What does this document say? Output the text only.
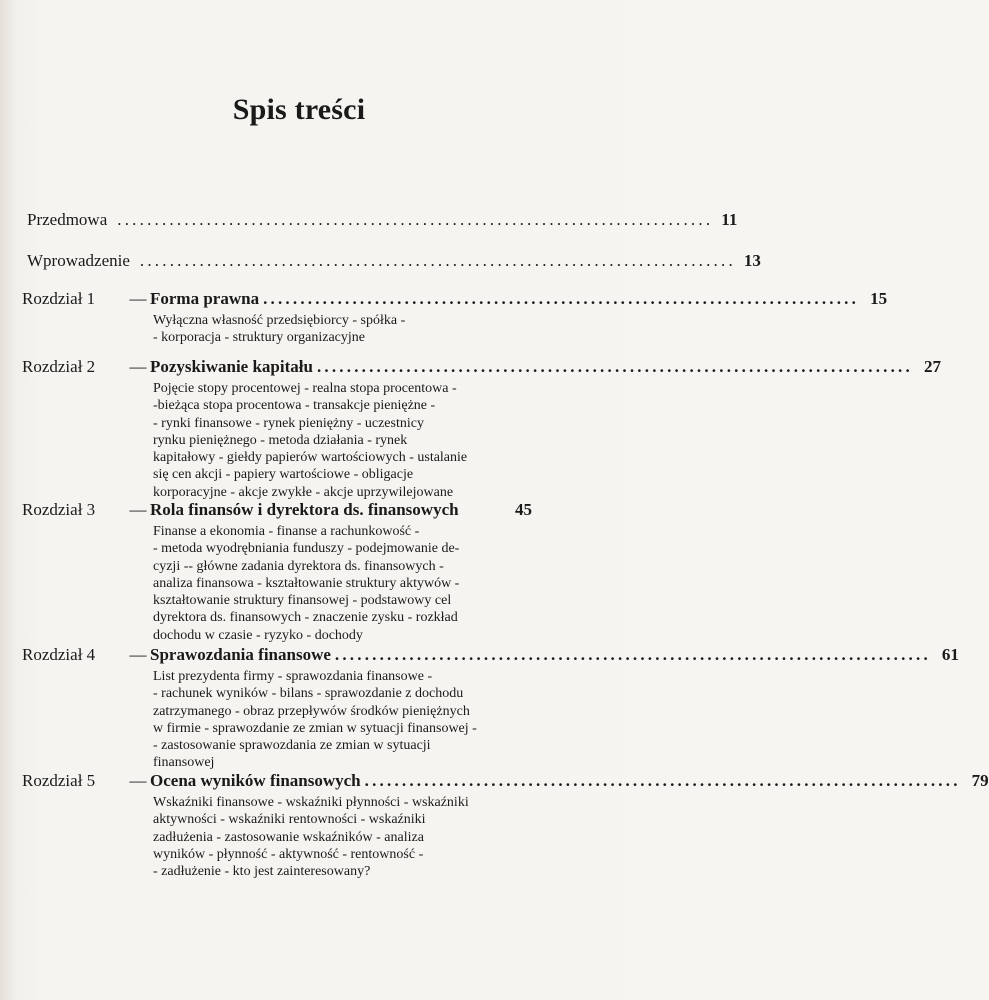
Spis treści
Przedmowa ................................................................................ 11
Wprowadzenie ................................................................................ 13
Rozdział 1	— Forma prawna ................................................................................ 15
Wyłączna własność przedsiębiorcy - spółka -
- korporacja - struktury organizacyjne
Rozdział 2	— Pozyskiwanie kapitału ................................................................................ 27
Pojęcie stopy procentowej - realna stopa procentowa -
-bieżąca stopa procentowa - transakcje pieniężne -
- rynki finansowe - rynek pieniężny - uczestnicy
rynku pieniężnego - metoda działania - rynek
kapitałowy - giełdy papierów wartościowych - ustalanie
się cen akcji - papiery wartościowe - obligacje
korporacyjne - akcje zwykłe - akcje uprzywilejowane
Rozdział 3	— Rola finansów i dyrektora ds. finansowych	45
Finanse a ekonomia - finanse a rachunkowość -
- metoda wyodrębniania funduszy - podejmowanie de-
cyzji -- główne zadania dyrektora ds. finansowych -
analiza finansowa - kształtowanie struktury aktywów -
kształtowanie struktury finansowej - podstawowy cel
dyrektora ds. finansowych - znaczenie zysku - rozkład
dochodu w czasie - ryzyko - dochody
Rozdział 4	— Sprawozdania finansowe ................................................................................ 61
List prezydenta firmy - sprawozdania finansowe -
- rachunek wyników - bilans - sprawozdanie z dochodu
zatrzymanego - obraz przepływów środków pieniężnych
w firmie - sprawozdanie ze zmian w sytuacji finansowej -
- zastosowanie sprawozdania ze zmian w sytuacji
finansowej
Rozdział 5	— Ocena wyników finansowych ................................................................................ 79
Wskaźniki finansowe - wskaźniki płynności - wskaźniki
aktywności - wskaźniki rentowności - wskaźniki
zadłużenia - zastosowanie wskaźników - analiza
wyników - płynność - aktywność - rentowność -
- zadłużenie - kto jest zainteresowany?
